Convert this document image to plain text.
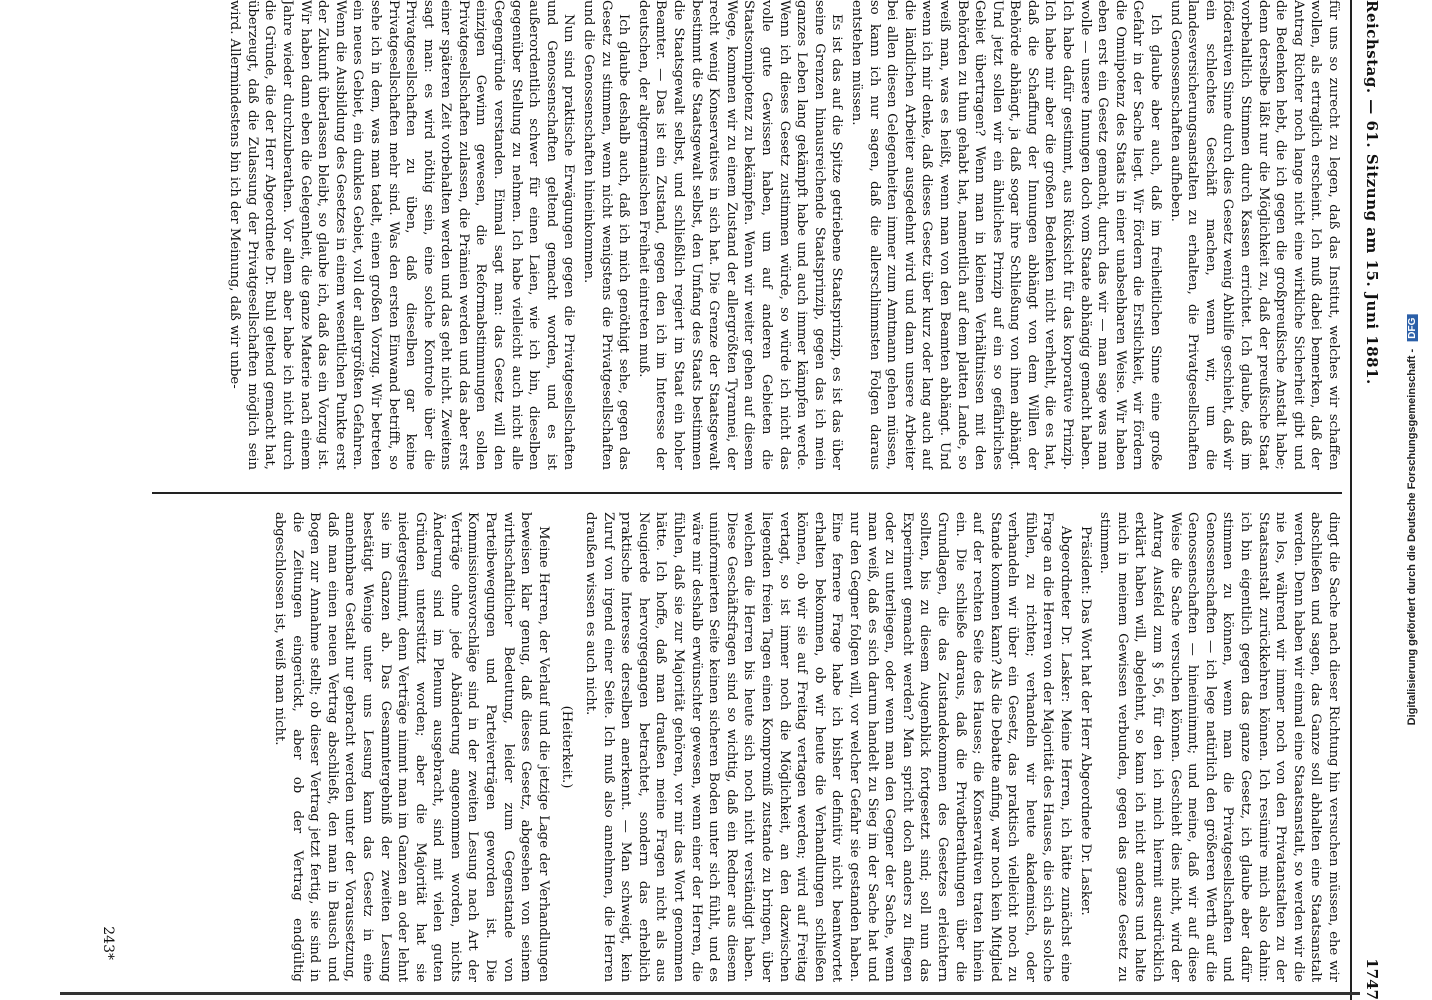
Reichstag. — 61. Sitzung am 15. Juni 1881.
1747

für uns so zurecht zu legen, daß das Institut, welches wir schaffen wollen, als ertraglich erscheint. Ich muß dabei bemerken, daß der Antrag Richter noch lange nicht eine wirkliche Sicherheit gibt und die Bedenken hebt, die ich gegen die großpreußische Anstalt habe; denn derselbe läßt nur die Möglichkeit zu, daß der preußische Staat vorbehaltlich Stimmen durch Kassen errichtet. Ich glaube, daß im föderativen Sinne durch dies Gesetz wenig Abhilfe geschieht, daß wir ein schlechtes Geschäft machen, wenn wir, um die landesversicherungsanstalten zu erhalten, die Privatgesellschaften und Genossenschaften aufheben.

Ich glaube aber auch, daß im freiheitlichen Sinne eine große Gefahr in der Sache liegt. Wir fördern die Erstlichkeit, wir fördern die Omnipotenz des Staats in einer unabsehbaren Weise. Wir haben eben erst ein Gesetz gemacht, durch das wir — man sage was man wolle — unsere Innungen doch vom Staate abhängig gemacht haben. Ich habe dafür gestimmt, aus Rücksicht für das korporative Prinzip. Ich habe mir aber die großen Bedenken nicht verhehlt, die es hat, daß die Schaffung der Innungen abhängt von dem Willen der Behörde abhängt, ja daß sogar ihre Schließung von ihnen abhängt. Und jetzt sollen wir ein ähnliches Prinzip auf ein so gefährliches Gebiet übertragen? Wenn man in kleinen Verhältnissen mit den Behörden zu thun gehabt hat, namentlich auf dem platten Lande, so weiß man, was es heißt, wenn man von den Beamten abhängt. Und wenn ich mir denke, daß dieses Gesetz über kurz oder lang auch auf die ländlichen Arbeiter ausgedehnt wird und dann unsere Arbeiter bei allen diesen Gelegenheiten immer zum Amtmann gehen müssen, so kann ich nur sagen, daß die allerschlimmsten Folgen daraus entstehen müssen.

Es ist das auf die Spitze getriebene Staatsprinzip, es ist das über seine Grenzen hinausreichende Staatsprinzip, gegen das ich mein ganzes Leben lang gekämpft habe und auch immer kämpfen werde. Wenn ich dieses Gesetz zustimmen würde, so würde ich nicht das volle gute Gewissen haben, um auf anderen Gebieten die Staatsomnipotenz zu bekämpfen. Wenn wir weiter gehen auf diesem Wege, kommen wir zu einem Zustand der allergrößten Tyrannei, der recht wenig Konservatives in sich hat. Die Grenze der Staatsgewalt bestimmt die Staatsgewalt selbst, den Umfang des Staats bestimmen die Staatsgewalt selbst, und schließlich regiert im Staat ein hoher Beamter. — Das ist ein Zustand, gegen den ich im Interesse der deutschen, der altgermanischen Freiheit eintreten muß.

Ich glaube deshalb auch, daß ich mich genöthigt sehe, gegen das Gesetz zu stimmen, wenn nicht wenigstens die Privatgesellschaften und die Genossenschaften hineinkommen.

Nun sind praktische Erwägungen gegen die Privatgesellschaften und Genossenschaften geltend gemacht worden, und es ist außerordentlich schwer für einen Laien, wie ich bin, dieselben gegenüber Stellung zu nehmen. Ich habe vielleicht auch nicht alle Gegengründe verstanden. Einmal sagt man: das Gesetz will den einzigen Gewinn gewesen, die Reformabstimmungen sollen Privatgesellschaften zulassen, die Prämien werden und das aber erst einer späteren Zeit vorbehalten werden und das geht nicht. Zweitens sagt man: es wird nöthig sein, eine solche Kontrole über die Privatgesellschaften zu üben, daß dieselben gar keine Privatgesellschaften mehr sind. Was den ersten Einwand betrifft, so sehe ich in dem, was man tadelt, einen großen Vorzug. Wir betreten ein neues Gebiet, ein dunkles Gebiet, voll der allergrößten Gefahren. Wenn die Ausbildung des Gesetzes in einem wesentlichen Punkte erst der Zukunft überlassen bleibt, so glaube ich, daß das ein Vorzug ist. Wir haben dann eben die Gelegenheit, die ganze Materie nach einem Jahre wieder durchzuberathen. Vor allem aber habe ich nicht durch die Gründe, die der Herr Abgeordnete Dr. Buhl geltend gemacht hat, überzeugt, daß die Zulassung der Privatgesellschaften möglich sein wird. Allermindestens bin ich der Meinung, daß wir unbe-

dingt die Sache nach dieser Richtung hin versuchen müssen, ehe wir abschließen und sagen, das Ganze soll abhalten eine Staatsanstalt werden. Denn haben wir einmal eine Staatsanstalt, so werden wir die nie los, während wir immer noch von den Privatanstalten zu der Staatsanstalt zurückkehren können. Ich resümire mich also dahin: ich bin eigentlich gegen das ganze Gesetz, ich glaube aber dafür stimmen zu können, wenn man die Privatgesellschaften und Genossenschaften — ich lege natürlich den größeren Werth auf die Genossenschaften — hineinnimmt; und meine, daß wir auf diese Weise die Sache versuchen können. Geschieht dies nicht, wird der Antrag Ausfeld zum § 56, für den ich mich hiermit ausdrücklich erklärt haben will, abgelehnt, so kann ich nicht anders und halte mich in meinem Gewissen verbunden, gegen das ganze Gesetz zu stimmen.

Präsident: Das Wort hat der Herr Abgeordnete Dr. Lasker.

Abgeordneter Dr. Lasker: Meine Herren, ich hätte zunächst eine Frage an die Herren von der Majorität des Hauses, die sich als solche fühlen, zu richten; verhandeln wir heute akademisch, oder verhandeln wir über ein Gesetz, das praktisch vielleicht noch zu Stande kommen kann? Als die Debatte anfing, war noch kein Mitglied auf der rechten Seite des Hauses; die Konservativen traten hinein ein. Die schließe daraus, daß die Privatberathungen über die Grundlagen, die das Zustandekommen des Gesetzes erleichtern sollten, bis zu diesem Augenblick fortgesetzt sind; soll nun das Experiment gemacht werden? Man spricht doch anders zu fliegen oder zu unterliegen, oder wenn man den Gegner der Sache, wenn man weiß, daß es sich darum handelt zu Sieg im der Sache hat und nur den Gegner folgen will, vor welcher Gefahr sie gestanden haben. Eine fernere Frage habe ich bisher definitiv nicht beantwortet erhalten bekommen, ob wir heute die Verhandlungen schließen können, ob wir sie auf Freitag vertagen werden; wird auf Freitag vertagt, so ist immer noch die Möglichkeit, an den dazwischen liegenden freien Tagen einen Kompromiß zustande zu bringen, über welchen die Herren bis heute sich noch nicht verständigt haben. Diese Geschäftsfragen sind so wichtig, daß ein Redner aus diesem uninformierten Seite keinen sicheren Boden unter sich fühlt, und es wäre mir deshalb erwünschter gewesen, wenn einer der Herren, die fühlen, daß sie zur Majorität gehören, vor mir das Wort genommen hätte. Ich hoffe, daß man draußen meine Fragen nicht als aus Neugierde hervorgegangen betrachtet, sondern das erheblich praktische Interesse derselben anerkennt. — Man schweigt, kein Zuruf von irgend einer Seite. Ich muß also annehmen, die Herren draußen wissen es auch nicht.

(Heiterkeit.)

Meine Herren, der Verlauf und die jetzige Lage der Verhandlungen beweisen klar genug, daß dieses Gesetz, abgesehen von seinem wirthschaftlicher Bedeutung, leider zum Gegenstande von Parteibewegungen und Parteiverträgen geworden ist. Die Kommissionsvorschläge sind in der zweiten Lesung nach Art der Verträge ohne jede Abänderung angenommen worden, nichts Änderung sind im Plenum ausgebracht, sind mit vielen guten Gründen unterstützt worden; aber die Majorität hat sie niedergestimmt, denn Verträge nimmt man im Ganzen an oder lehnt sie im Ganzen ab. Das Gesammtergebniß der zweiten Lesung bestätigt Wenige unter uns Lesung kann das Gesetz in eine annehmbare Gestalt nur gebracht werden unter der Voraussetzung, daß man einen neuen Vertrag abschließt, den man in Bausch und Bogen zur Annahme stellt; ob dieser Vertrag jetzt fertig, sie sind in die Zeitungen eingerückt, aber ob der Vertrag endgültig abgeschlossen ist, weiß man nicht.

243*
Digitalisierung gefördert durch die Deutsche Forschungsgemeinschaft - DFG
